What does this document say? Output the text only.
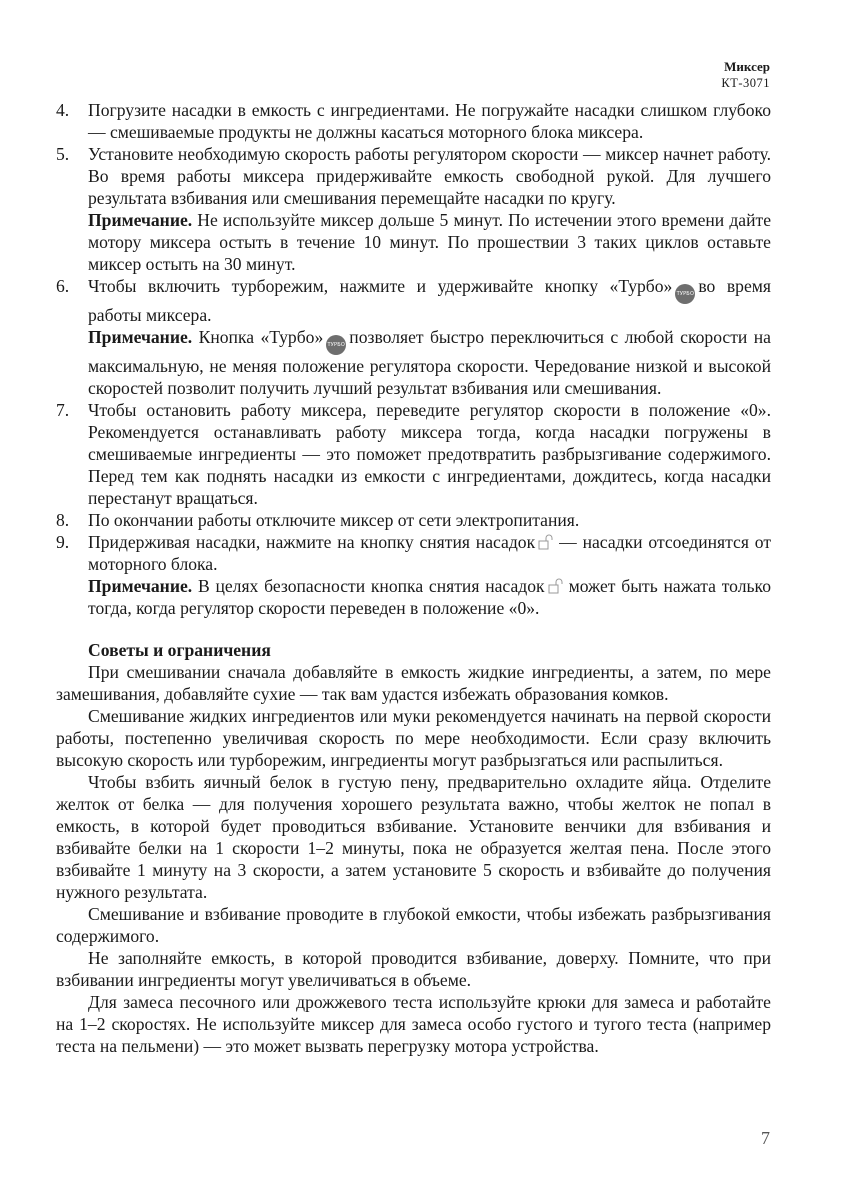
Миксер
КТ-3071
4. Погрузите насадки в емкость с ингредиентами. Не погружайте насадки слишком глубоко — смешиваемые продукты не должны касаться моторного блока миксера.
5. Установите необходимую скорость работы регулятором скорости — миксер начнет работу. Во время работы миксера придерживайте емкость свободной рукой. Для лучшего результата взбивания или смешивания перемещайте насадки по кругу.

Примечание. Не используйте миксер дольше 5 минут. По истечении этого времени дайте мотору миксера остыть в течение 10 минут. По прошествии 3 таких циклов оставьте миксер остыть на 30 минут.

6. Чтобы включить турборежим, нажмите и удерживайте кнопку «Турбо» ТУРБО во время работы миксера.

Примечание. Кнопка «Турбо» ТУРБО позволяет быстро переключиться с любой скорости на максимальную, не меняя положение регулятора скорости. Чередование низкой и высокой скоростей позволит получить лучший результат взбивания или смешивания.

7. Чтобы остановить работу миксера, переведите регулятор скорости в положение «0». Рекомендуется останавливать работу миксера тогда, когда насадки погружены в смешиваемые ингредиенты — это поможет предотвратить разбрызгивание содержимого. Перед тем как поднять насадки из емкости с ингредиентами, дождитесь, когда насадки перестанут вращаться.
8. По окончании работы отключите миксер от сети электропитания.
9. Придерживая насадки, нажмите на кнопку снятия насадок — насадки отсоединятся от моторного блока.

Примечание. В целях безопасности кнопка снятия насадок может быть нажата только тогда, когда регулятор скорости переведен в положение «0».

Советы и ограничения

При смешивании сначала добавляйте в емкость жидкие ингредиенты, а затем, по мере замешивания, добавляйте сухие — так вам удастся избежать образования комков.

Смешивание жидких ингредиентов или муки рекомендуется начинать на первой скорости работы, постепенно увеличивая скорость по мере необходимости. Если сразу включить высокую скорость или турборежим, ингредиенты могут разбрызгаться или распылиться.

Чтобы взбить яичный белок в густую пену, предварительно охладите яйца. Отделите желток от белка — для получения хорошего результата важно, чтобы желток не попал в емкость, в которой будет проводиться взбивание. Установите венчики для взбивания и взбивайте белки на 1 скорости 1–2 минуты, пока не образуется желтая пена. После этого взбивайте 1 минуту на 3 скорости, а затем установите 5 скорость и взбивайте до получения нужного результата.

Смешивание и взбивание проводите в глубокой емкости, чтобы избежать разбрызгивания содержимого.

Не заполняйте емкость, в которой проводится взбивание, доверху. Помните, что при взбивании ингредиенты могут увеличиваться в объеме.

Для замеса песочного или дрожжевого теста используйте крюки для замеса и работайте на 1–2 скоростях. Не используйте миксер для замеса особо густого и тугого теста (например теста на пельмени) — это может вызвать перегрузку мотора устройства.

7
